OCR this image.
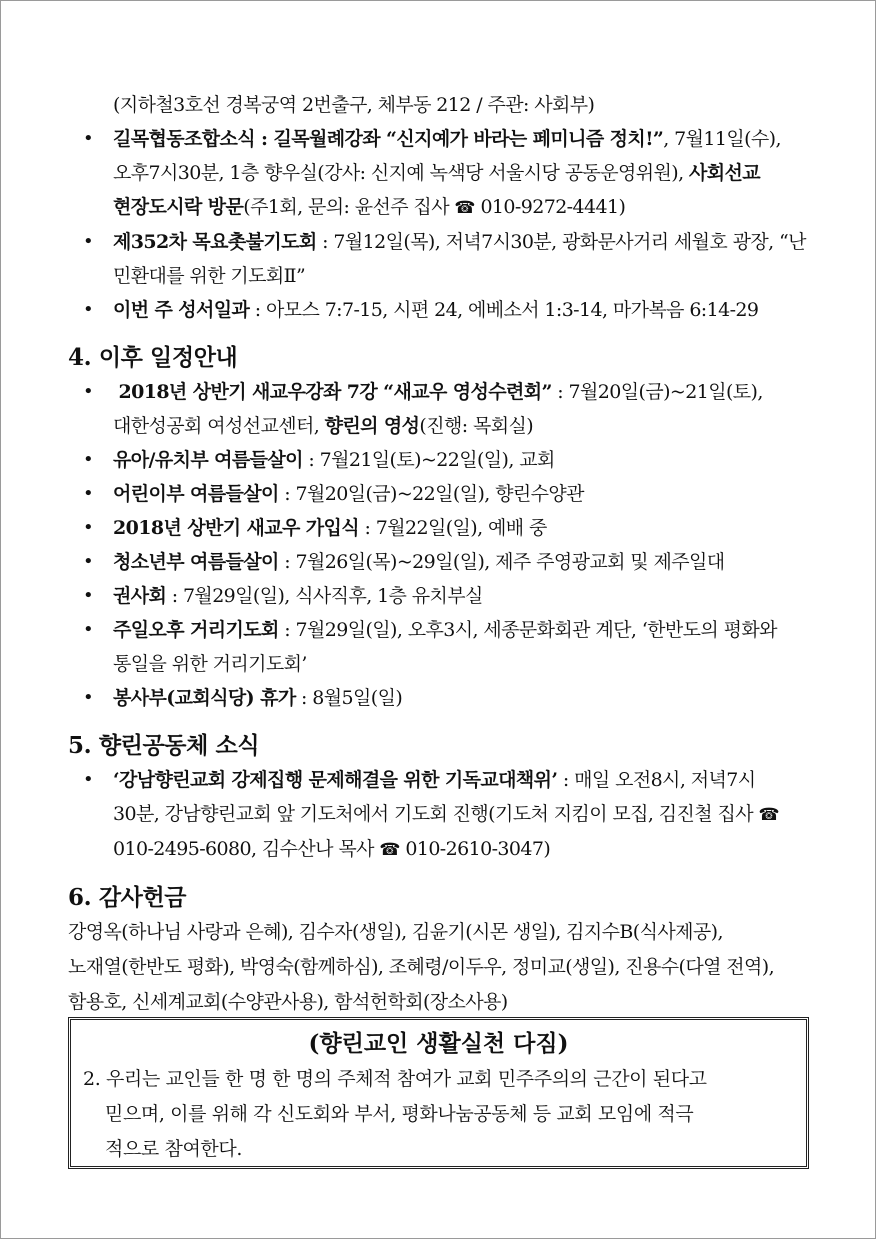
(지하철3호선 경복궁역 2번출구, 체부동 212 / 주관: 사회부)
• 길목협동조합소식 : 길목월례강좌 “신지예가 바라는 페미니즘 정치!”, 7월11일(수),
오후7시30분, 1층 향우실(강사: 신지예 녹색당 서울시당 공동운영위원), 사회선교
현장도시락 방문(주1회, 문의: 윤선주 집사 ☎ 010-9272-4441)
• 제352차 목요촛불기도회 : 7월12일(목), 저녁7시30분, 광화문사거리 세월호 광장, “난
민환대를 위한 기도회Ⅱ”
• 이번 주 성서일과 : 아모스 7:7-15, 시편 24, 에베소서 1:3-14, 마가복음 6:14-29
4. 이후 일정안내
• 2018년 상반기 새교우강좌 7강 “새교우 영성수련회” : 7월20일(금)~21일(토),
대한성공회 여성선교센터, 향린의 영성(진행: 목회실)
• 유아/유치부 여름들살이 : 7월21일(토)~22일(일), 교회
• 어린이부 여름들살이 : 7월20일(금)~22일(일), 향린수양관
• 2018년 상반기 새교우 가입식 : 7월22일(일), 예배 중
• 청소년부 여름들살이 : 7월26일(목)~29일(일), 제주 주영광교회 및 제주일대
• 권사회 : 7월29일(일), 식사직후, 1층 유치부실
• 주일오후 거리기도회 : 7월29일(일), 오후3시, 세종문화회관 계단, ‘한반도의 평화와
통일을 위한 거리기도회’
• 봉사부(교회식당) 휴가 : 8월5일(일)
5. 향린공동체 소식
• ‘강남향린교회 강제집행 문제해결을 위한 기독교대책위’ : 매일 오전8시, 저녁7시
30분, 강남향린교회 앞 기도처에서 기도회 진행(기도처 지킴이 모집, 김진철 집사 ☎
010-2495-6080, 김수산나 목사 ☎ 010-2610-3047)
6. 감사헌금
강영옥(하나님 사랑과 은혜), 김수자(생일), 김윤기(시몬 생일), 김지수B(식사제공),
노재열(한반도 평화), 박영숙(함께하심), 조혜령/이두우, 정미교(생일), 진용수(다열 전역),
함용호, 신세계교회(수양관사용), 함석헌학회(장소사용)
(향린교인 생활실천 다짐)
2. 우리는 교인들 한 명 한 명의 주체적 참여가 교회 민주주의의 근간이 된다고
믿으며, 이를 위해 각 신도회와 부서, 평화나눔공동체 등 교회 모임에 적극
적으로 참여한다.
